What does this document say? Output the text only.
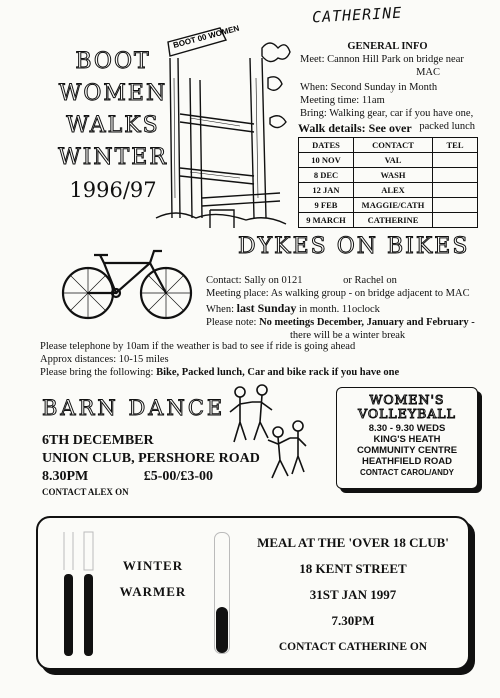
CATHERINE
BOOT
WOMEN
WALKS
WINTER
1996/97
BOOT 00 WOMEN	GENERAL INFO
Meet: Cannon Hill Park on bridge near
MAC
When: Second Sunday in Month
Meeting time: 11am
Bring: Walking gear, car if you have one,
packed lunch
Walk details: See over
DATES	CONTACT	TEL
10 NOV	VAL	
8 DEC	WASH	
12 JAN	ALEX	
9 FEB	MAGGIE/CATH	
9 MARCH	CATHERINE	
DYKES ON BIKES
Contact: Sally on 0121	or Rachel on
Meeting place: As walking group - on bridge adjacent to MAC
When: last Sunday in month. 11oclock
Please note: No meetings December, January and February -
there will be a winter break
Please telephone by 10am if the weather is bad to see if ride is going ahead
Approx distances: 10-15 miles
Please bring the following: Bike, Packed lunch, Car and bike rack if you have one
BARN DANCE
6TH DECEMBER
UNION CLUB, PERSHORE ROAD
8.30PM	£5-00/£3-00
CONTACT ALEX ON
WOMEN'S
VOLLEYBALL
8.30 - 9.30 WEDS
KING'S HEATH
COMMUNITY CENTRE
HEATHFIELD ROAD
CONTACT CAROL/ANDY
WINTER
WARMER
MEAL AT THE 'OVER 18 CLUB'
18 KENT STREET
31ST JAN 1997
7.30PM
CONTACT CATHERINE ON
